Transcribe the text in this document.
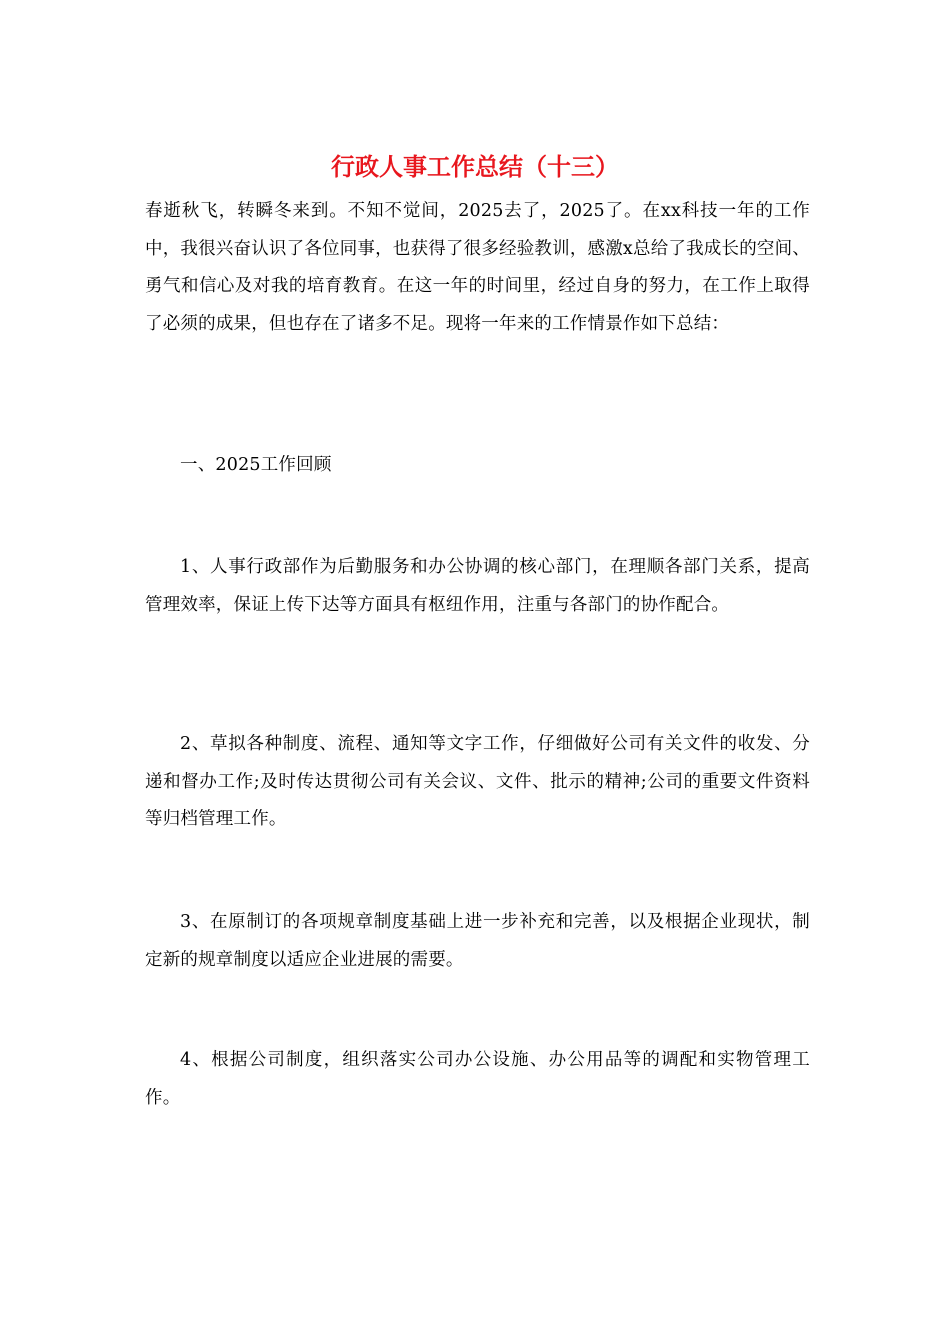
行政人事工作总结（十三）

春逝秋飞，转瞬冬来到。不知不觉间，2025去了，2025了。在xx科技一年的工作中，我很兴奋认识了各位同事，也获得了很多经验教训，感激x总给了我成长的空间、勇气和信心及对我的培育教育。在这一年的时间里，经过自身的努力，在工作上取得了必须的成果，但也存在了诸多不足。现将一年来的工作情景作如下总结：

一、2025工作回顾

1、人事行政部作为后勤服务和办公协调的核心部门，在理顺各部门关系，提高管理效率，保证上传下达等方面具有枢纽作用，注重与各部门的协作配合。

2、草拟各种制度、流程、通知等文字工作，仔细做好公司有关文件的收发、分递和督办工作;及时传达贯彻公司有关会议、文件、批示的精神;公司的重要文件资料等归档管理工作。

3、在原制订的各项规章制度基础上进一步补充和完善，以及根据企业现状，制定新的规章制度以适应企业进展的需要。

4、根据公司制度，组织落实公司办公设施、办公用品等的调配和实物管理工作。
